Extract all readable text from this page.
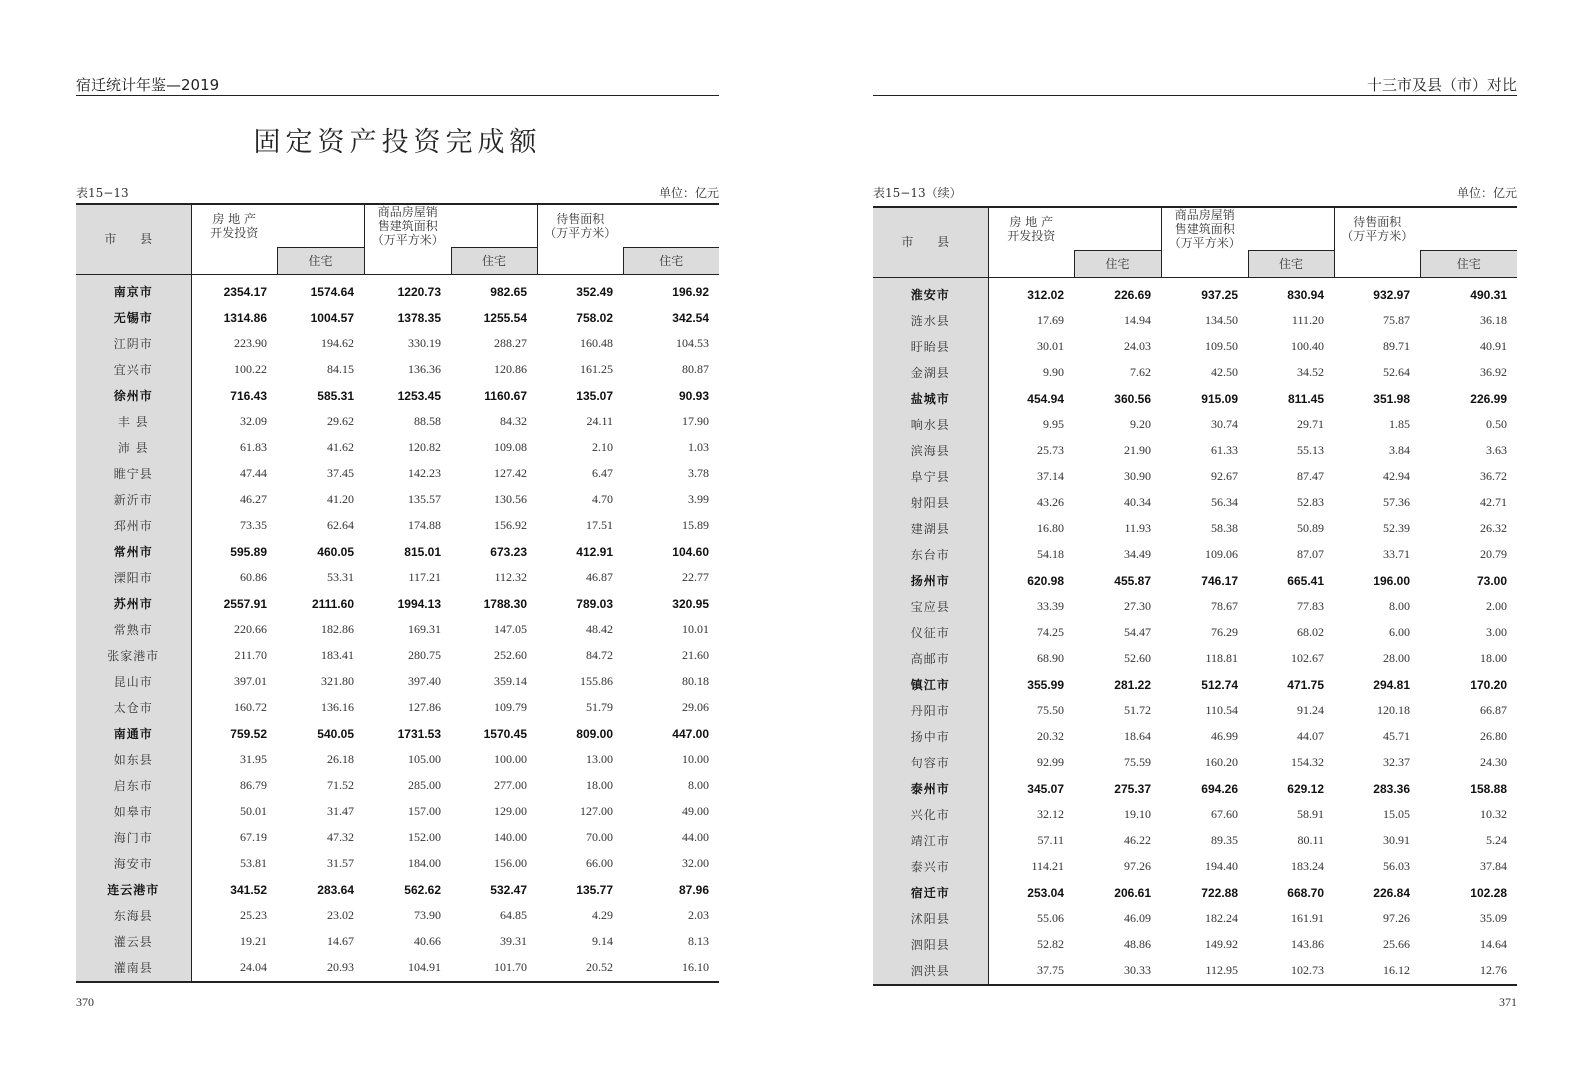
宿迁统计年鉴—2019
固定资产投资完成额
表15−13	单位：亿元
市 县	房 地 产
开发投资		商品房屋销
售建筑面积
（万平方米）		待售面积
（万平方米）	
		住宅		住宅		住宅
南京市	2354.17	1574.64	1220.73	982.65	352.49	196.92
无锡市	1314.86	1004.57	1378.35	1255.54	758.02	342.54
江阴市	223.90	194.62	330.19	288.27	160.48	104.53
宜兴市	100.22	84.15	136.36	120.86	161.25	80.87
徐州市	716.43	585.31	1253.45	1160.67	135.07	90.93
丰 县	32.09	29.62	88.58	84.32	24.11	17.90
沛 县	61.83	41.62	120.82	109.08	2.10	1.03
睢宁县	47.44	37.45	142.23	127.42	6.47	3.78
新沂市	46.27	41.20	135.57	130.56	4.70	3.99
邳州市	73.35	62.64	174.88	156.92	17.51	15.89
常州市	595.89	460.05	815.01	673.23	412.91	104.60
溧阳市	60.86	53.31	117.21	112.32	46.87	22.77
苏州市	2557.91	2111.60	1994.13	1788.30	789.03	320.95
常熟市	220.66	182.86	169.31	147.05	48.42	10.01
张家港市	211.70	183.41	280.75	252.60	84.72	21.60
昆山市	397.01	321.80	397.40	359.14	155.86	80.18
太仓市	160.72	136.16	127.86	109.79	51.79	29.06
南通市	759.52	540.05	1731.53	1570.45	809.00	447.00
如东县	31.95	26.18	105.00	100.00	13.00	10.00
启东市	86.79	71.52	285.00	277.00	18.00	8.00
如皋市	50.01	31.47	157.00	129.00	127.00	49.00
海门市	67.19	47.32	152.00	140.00	70.00	44.00
海安市	53.81	31.57	184.00	156.00	66.00	32.00
连云港市	341.52	283.64	562.62	532.47	135.77	87.96
东海县	25.23	23.02	73.90	64.85	4.29	2.03
灌云县	19.21	14.67	40.66	39.31	9.14	8.13
灌南县	24.04	20.93	104.91	101.70	20.52	16.10
370
十三市及县（市）对比
表15−13（续）	单位：亿元
市 县	房 地 产
开发投资		商品房屋销
售建筑面积
（万平方米）		待售面积
（万平方米）	
		住宅		住宅		住宅
淮安市	312.02	226.69	937.25	830.94	932.97	490.31
涟水县	17.69	14.94	134.50	111.20	75.87	36.18
盱眙县	30.01	24.03	109.50	100.40	89.71	40.91
金湖县	9.90	7.62	42.50	34.52	52.64	36.92
盐城市	454.94	360.56	915.09	811.45	351.98	226.99
响水县	9.95	9.20	30.74	29.71	1.85	0.50
滨海县	25.73	21.90	61.33	55.13	3.84	3.63
阜宁县	37.14	30.90	92.67	87.47	42.94	36.72
射阳县	43.26	40.34	56.34	52.83	57.36	42.71
建湖县	16.80	11.93	58.38	50.89	52.39	26.32
东台市	54.18	34.49	109.06	87.07	33.71	20.79
扬州市	620.98	455.87	746.17	665.41	196.00	73.00
宝应县	33.39	27.30	78.67	77.83	8.00	2.00
仪征市	74.25	54.47	76.29	68.02	6.00	3.00
高邮市	68.90	52.60	118.81	102.67	28.00	18.00
镇江市	355.99	281.22	512.74	471.75	294.81	170.20
丹阳市	75.50	51.72	110.54	91.24	120.18	66.87
扬中市	20.32	18.64	46.99	44.07	45.71	26.80
句容市	92.99	75.59	160.20	154.32	32.37	24.30
泰州市	345.07	275.37	694.26	629.12	283.36	158.88
兴化市	32.12	19.10	67.60	58.91	15.05	10.32
靖江市	57.11	46.22	89.35	80.11	30.91	5.24
泰兴市	114.21	97.26	194.40	183.24	56.03	37.84
宿迁市	253.04	206.61	722.88	668.70	226.84	102.28
沭阳县	55.06	46.09	182.24	161.91	97.26	35.09
泗阳县	52.82	48.86	149.92	143.86	25.66	14.64
泗洪县	37.75	30.33	112.95	102.73	16.12	12.76
371
